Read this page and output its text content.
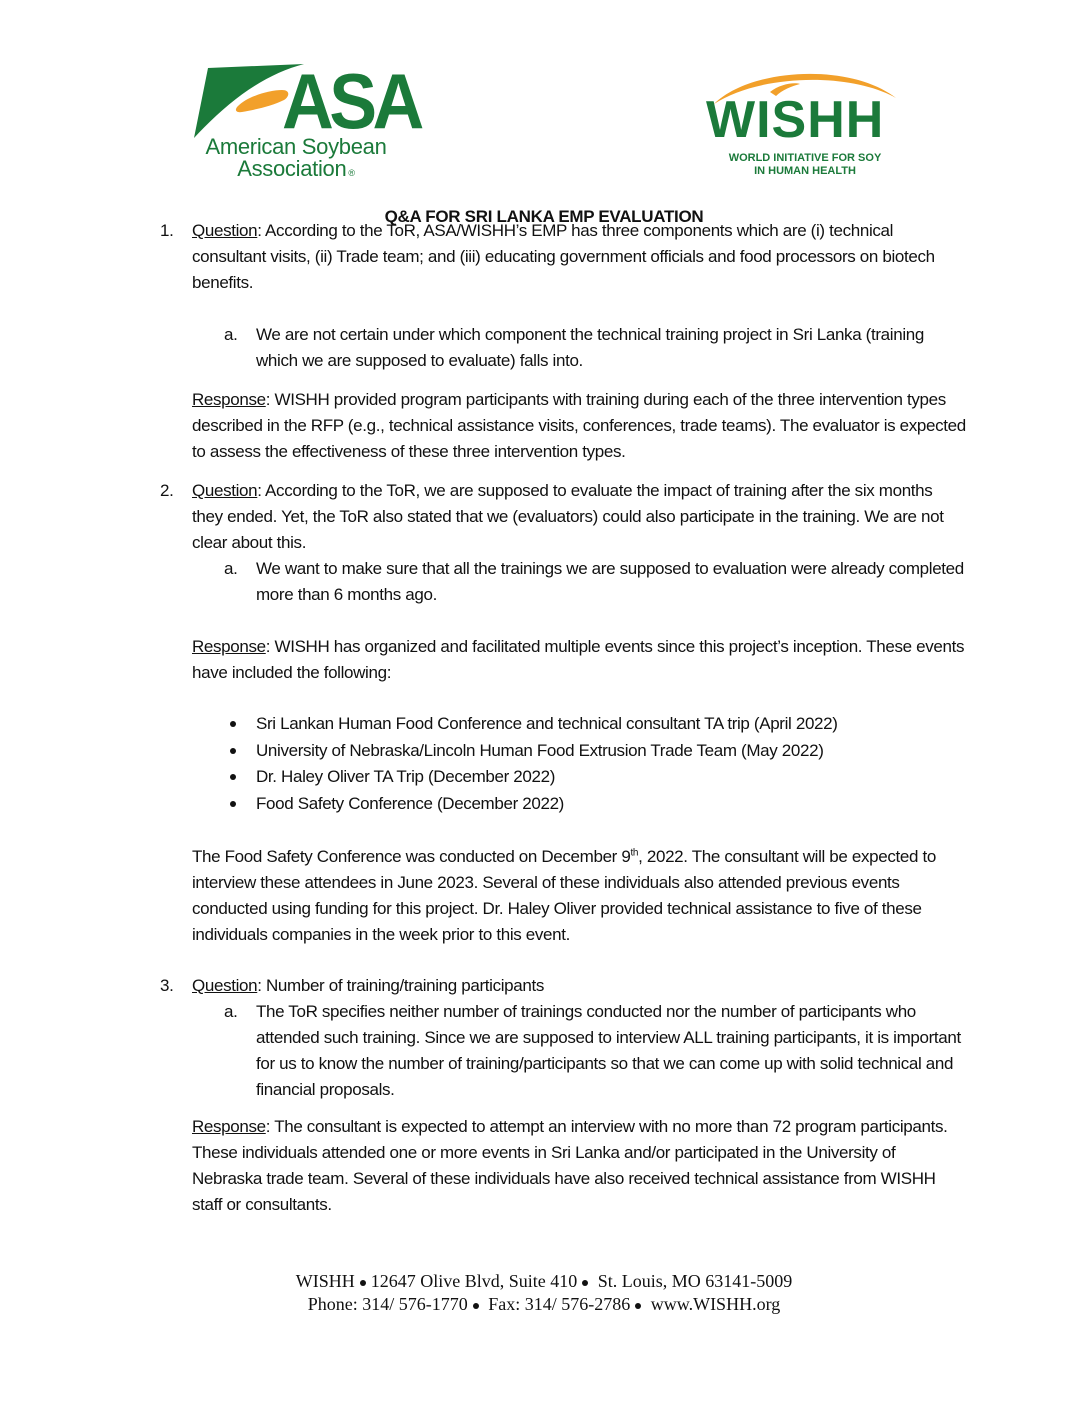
ASA
American Soybean
Association ®
WISHH
WORLD INITIATIVE FOR SOY
IN HUMAN HEALTH
Q&A FOR SRI LANKA EMP EVALUATION
1. Question: According to the ToR, ASA/WISHH’s EMP has three components which are (i) technical consultant visits, (ii) Trade team; and (iii) educating government officials and food processors on biotech benefits.
a. We are not certain under which component the technical training project in Sri Lanka (training which we are supposed to evaluate) falls into.
Response: WISHH provided program participants with training during each of the three intervention types described in the RFP (e.g., technical assistance visits, conferences, trade teams). The evaluator is expected to assess the effectiveness of these three intervention types.
2. Question: According to the ToR, we are supposed to evaluate the impact of training after the six months they ended. Yet, the ToR also stated that we (evaluators) could also participate in the training. We are not clear about this.
a. We want to make sure that all the trainings we are supposed to evaluation were already completed more than 6 months ago.
Response: WISHH has organized and facilitated multiple events since this project’s inception. These events have included the following:
Sri Lankan Human Food Conference and technical consultant TA trip (April 2022)
University of Nebraska/Lincoln Human Food Extrusion Trade Team (May 2022)
Dr. Haley Oliver TA Trip (December 2022)
Food Safety Conference (December 2022)
The Food Safety Conference was conducted on December 9th, 2022. The consultant will be expected to interview these attendees in June 2023. Several of these individuals also attended previous events conducted using funding for this project. Dr. Haley Oliver provided technical assistance to five of these individuals companies in the week prior to this event.
3. Question: Number of training/training participants
a. The ToR specifies neither number of trainings conducted nor the number of participants who attended such training. Since we are supposed to interview ALL training participants, it is important for us to know the number of training/participants so that we can come up with solid technical and financial proposals.
Response: The consultant is expected to attempt an interview with no more than 72 program participants. These individuals attended one or more events in Sri Lanka and/or participated in the University of Nebraska trade team. Several of these individuals have also received technical assistance from WISHH staff or consultants.
WISHH 12647 Olive Blvd, Suite 410 St. Louis, MO 63141-5009
Phone: 314/ 576-1770 Fax: 314/ 576-2786 www.WISHH.org
